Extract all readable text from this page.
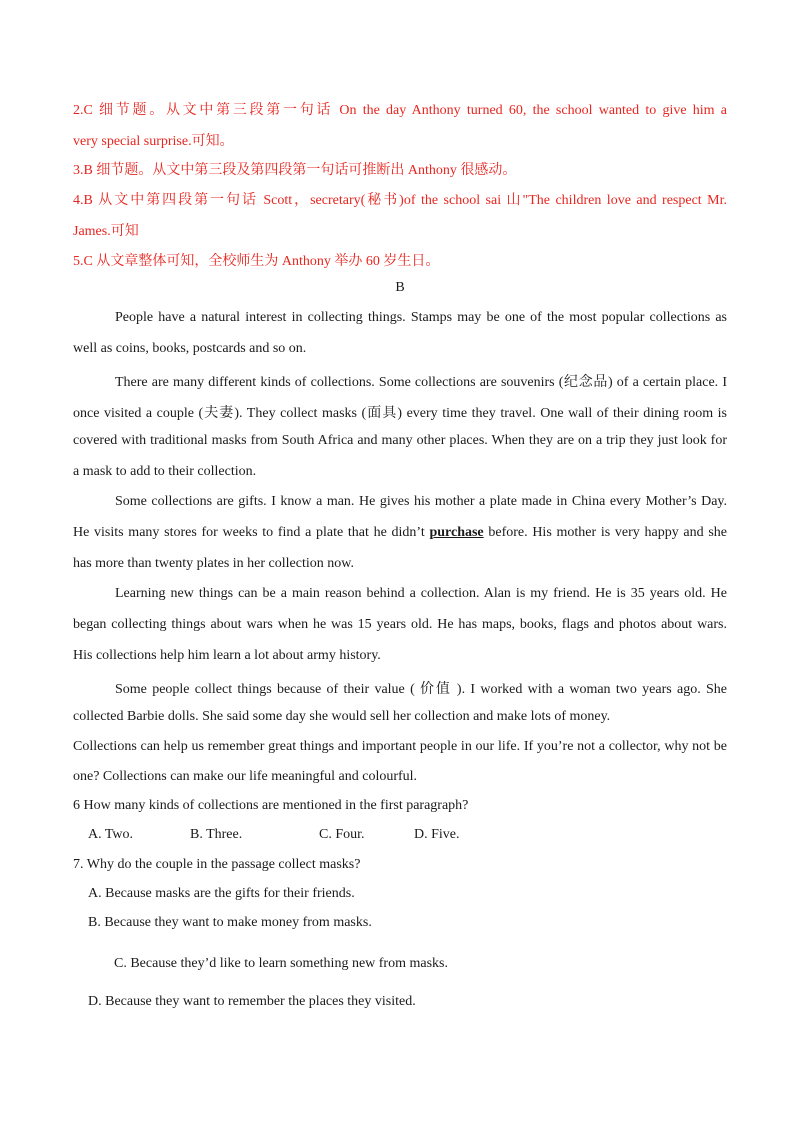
2.C 细节题。从文中第三段第一句话 On the day Anthony turned 60, the school wanted to give him a
very special surprise.可知。
3.B 细节题。从文中第三段及第四段第一句话可推断出 Anthony 很感动。
4.B 从文中第四段第一句话 Scott，secretary(秘书)of the school sai 山"The children love and respect Mr.
James.可知
5.C 从文章整体可知，全校师生为 Anthony 举办 60 岁生日。
B
People have a natural interest in collecting things. Stamps may be one of the most popular collections as
well as coins, books, postcards and so on.
There are many different kinds of collections. Some collections are souvenirs (纪念品) of a certain place. I
once visited a couple (夫妻). They collect masks (面具) every time they travel. One wall of their dining room is
covered with traditional masks from South Africa and many other places. When they are on a trip they just look for
a mask to add to their collection.
Some collections are gifts. I know a man. He gives his mother a plate made in China every Mother’s Day.
He visits many stores for weeks to find a plate that he didn’t purchase before. His mother is very happy and she
has more than twenty plates in her collection now.
Learning new things can be a main reason behind a collection. Alan is my friend. He is 35 years old. He
began collecting things about wars when he was 15 years old. He has maps, books, flags and photos about wars.
His collections help him learn a lot about army history.
Some people collect things because of their value ( 价值 ). I worked with a woman two years ago. She
collected Barbie dolls. She said some day she would sell her collection and make lots of money.
Collections can help us remember great things and important people in our life. If you’re not a collector, why not be
one? Collections can make our life meaningful and colourful.
6 How many kinds of collections are mentioned in the first paragraph?
A. Two.	B. Three.	C. Four.	D. Five.
7. Why do the couple in the passage collect masks?
A. Because masks are the gifts for their friends.
B. Because they want to make money from masks.
C. Because they’d like to learn something new from masks.
D. Because they want to remember the places they visited.
